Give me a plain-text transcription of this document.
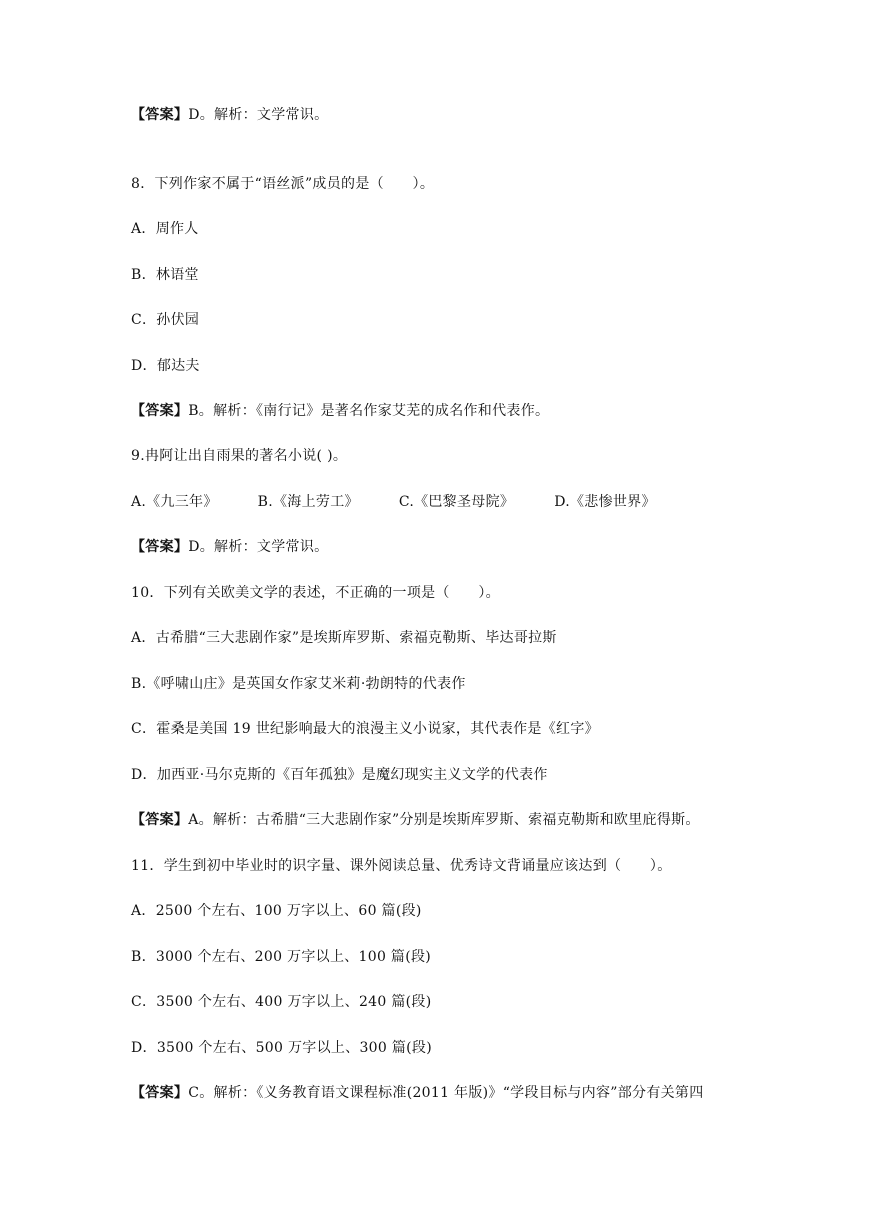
【答案】D。解析：文学常识。
8．下列作家不属于“语丝派”成员的是（　　）。
A．周作人
B．林语堂
C．孙伏园
D．郁达夫
【答案】B。解析：《南行记》是著名作家艾芜的成名作和代表作。
9.冉阿让出自雨果的著名小说( )。
A.《九三年》	B.《海上劳工》	C.《巴黎圣母院》	D.《悲惨世界》
【答案】D。解析：文学常识。
10．下列有关欧美文学的表述，不正确的一项是（　　）。
A．古希腊“三大悲剧作家”是埃斯库罗斯、索福克勒斯、毕达哥拉斯
B.《呼啸山庄》是英国女作家艾米莉·勃朗特的代表作
C．霍桑是美国 19 世纪影响最大的浪漫主义小说家，其代表作是《红字》
D．加西亚·马尔克斯的《百年孤独》是魔幻现实主义文学的代表作
【答案】A。解析：古希腊“三大悲剧作家”分别是埃斯库罗斯、索福克勒斯和欧里庇得斯。
11．学生到初中毕业时的识字量、课外阅读总量、优秀诗文背诵量应该达到（　　）。
A．2500 个左右、100 万字以上、60 篇(段)
B．3000 个左右、200 万字以上、100 篇(段)
C．3500 个左右、400 万字以上、240 篇(段)
D．3500 个左右、500 万字以上、300 篇(段)
【答案】C。解析：《义务教育语文课程标准(2011 年版)》“学段目标与内容”部分有关第四
